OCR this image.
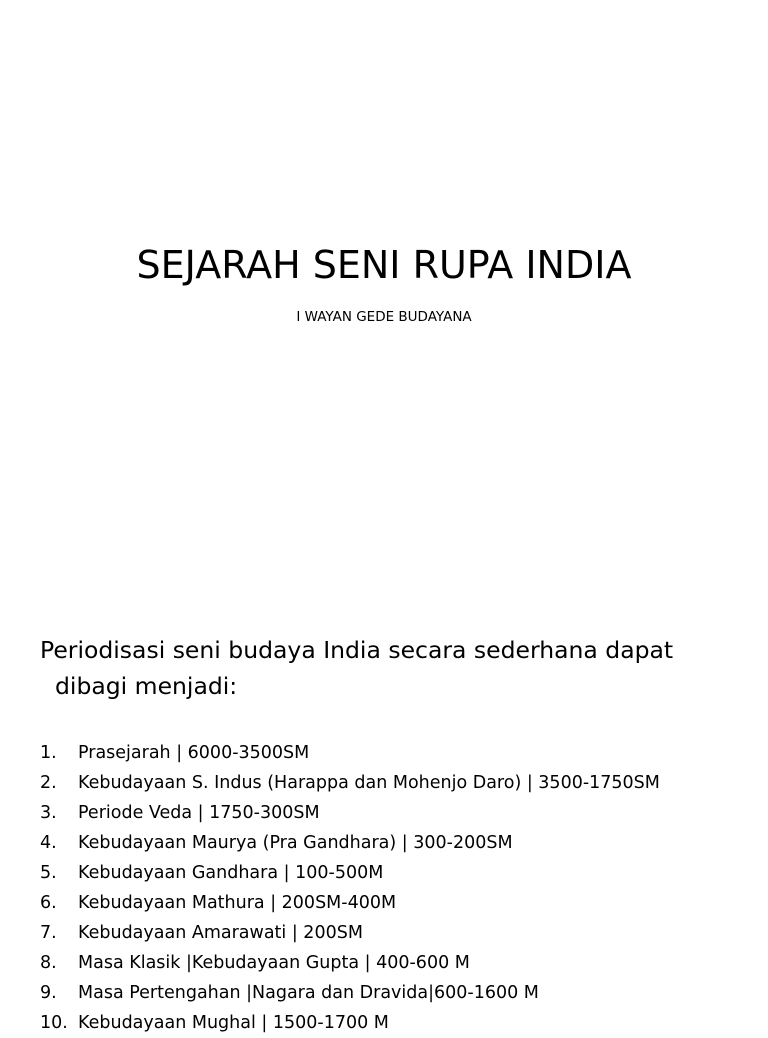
SEJARAH SENI RUPA INDIA
I WAYAN GEDE BUDAYANA
Periodisasi seni budaya India secara sederhana dapat
dibagi menjadi:
1.	Prasejarah | 6000-3500SM
2.	Kebudayaan S. Indus (Harappa dan Mohenjo Daro) | 3500-1750SM
3.	Periode Veda | 1750-300SM
4.	Kebudayaan Maurya (Pra Gandhara) | 300-200SM
5.	Kebudayaan Gandhara | 100-500M
6.	Kebudayaan Mathura | 200SM-400M
7.	Kebudayaan Amarawati | 200SM
8.	Masa Klasik |Kebudayaan Gupta | 400-600 M
9.	Masa Pertengahan |Nagara dan Dravida|600-1600 M
10. Kebudayaan Mughal | 1500-1700 M
